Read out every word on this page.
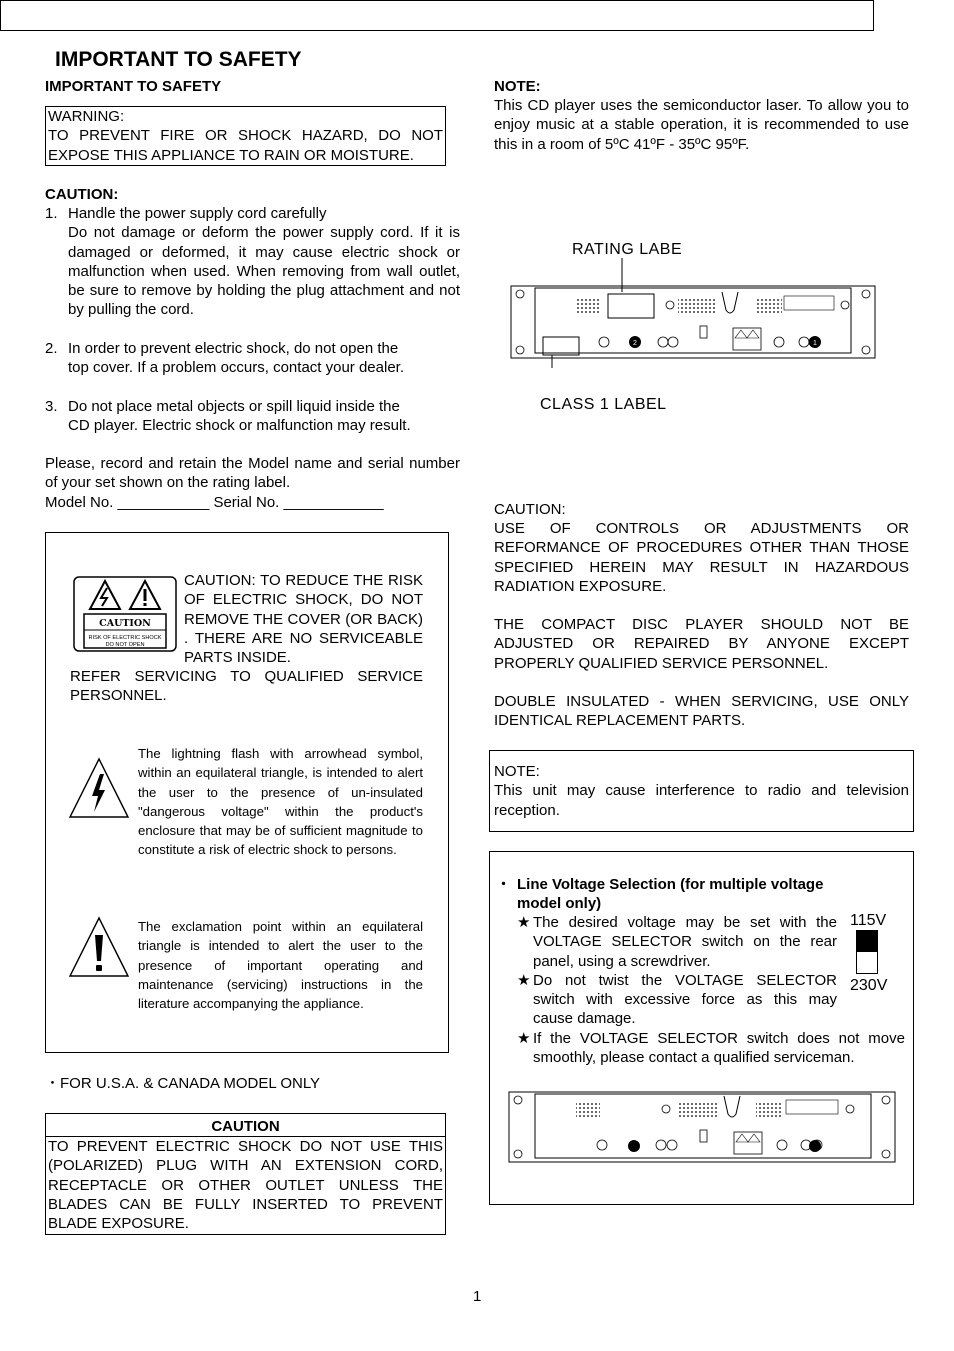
IMPORTANT TO SAFETY
IMPORTANT TO SAFETY
WARNING:
TO PREVENT FIRE OR SHOCK HAZARD, DO NOT EXPOSE THIS APPLIANCE TO RAIN OR MOISTURE.
CAUTION:
1. Handle the power supply cord carefully
Do not damage or deform the power supply cord. If it is damaged or deformed, it may cause electric shock or malfunction when used. When removing from wall outlet, be sure to remove by holding the plug attachment and not by pulling the cord.
2. In order to prevent electric shock, do not open the
top cover. If a problem occurs, contact your dealer.
3. Do not place metal objects or spill liquid inside the
CD player. Electric shock or malfunction may result.
Please, record and retain the Model name and serial number of your set shown on the rating label.
Model No. ___________ Serial No. ____________
CAUTION
RISK OF ELECTRIC SHOCK
DO NOT OPEN
CAUTION: TO REDUCE THE RISK OF ELECTRIC SHOCK, DO NOT REMOVE THE COVER (OR BACK) . THERE ARE NO SERVICEABLE PARTS INSIDE.
REFER SERVICING TO QUALIFIED SERVICE PERSONNEL.
The lightning flash with arrowhead symbol, within an equilateral triangle, is intended to alert the user to the presence of un-insulated "dangerous voltage" within the product's enclosure that may be of sufficient magnitude to constitute a risk of electric shock to persons.
The exclamation point within an equilateral triangle is intended to alert the user to the presence of important operating and maintenance (servicing) instructions in the literature accompanying the appliance.
・FOR U.S.A. & CANADA MODEL ONLY
CAUTION
TO PREVENT ELECTRIC SHOCK DO NOT USE THIS (POLARIZED) PLUG WITH AN EXTENSION CORD, RECEPTACLE OR OTHER OUTLET UNLESS THE BLADES CAN BE FULLY INSERTED TO PREVENT BLADE EXPOSURE.
NOTE:
This CD player uses the semiconductor laser. To allow you to enjoy music at a stable operation, it is recommended to use this in a room of 5ºC 41ºF - 35ºC 95ºF.
RATING LABE
CLASS 1 LABEL
2	1
CAUTION:
USE OF CONTROLS OR ADJUSTMENTS OR REFORMANCE OF PROCEDURES OTHER THAN THOSE SPECIFIED HEREIN MAY RESULT IN HAZARDOUS RADIATION EXPOSURE.
THE COMPACT DISC PLAYER SHOULD NOT BE ADJUSTED OR REPAIRED BY ANYONE EXCEPT PROPERLY QUALIFIED SERVICE PERSONNEL.
DOUBLE INSULATED - WHEN SERVICING, USE ONLY IDENTICAL REPLACEMENT PARTS.
NOTE:
This unit may cause interference to radio and television reception.
・ Line Voltage Selection (for multiple voltage model only)
★ The desired voltage may be set with the VOLTAGE SELECTOR switch on the rear panel, using a screwdriver.
★ Do not twist the VOLTAGE SELECTOR switch with excessive force as this may cause damage.
★ If the VOLTAGE SELECTOR switch does not move smoothly, please contact a qualified serviceman.
115V
230V
1
